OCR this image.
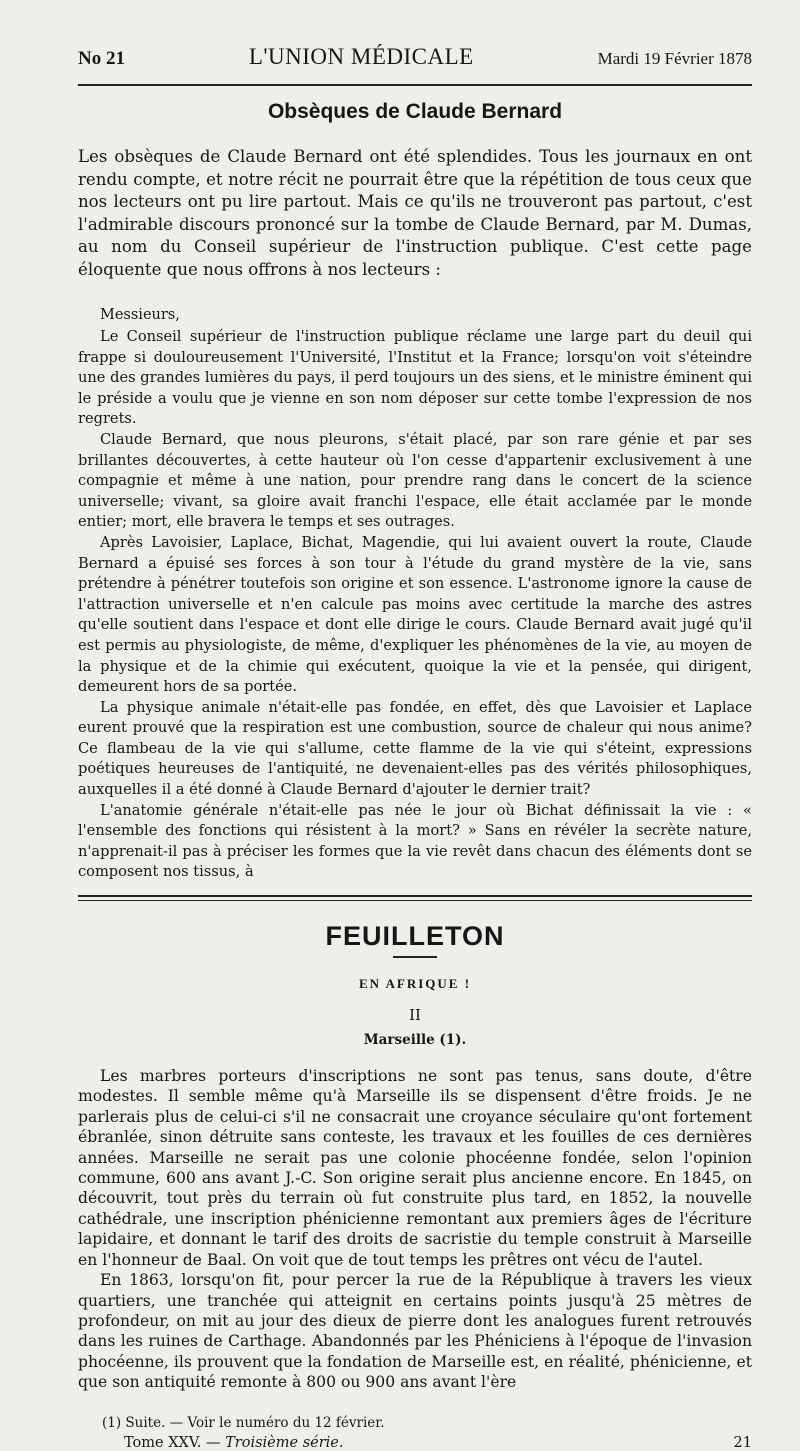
No 21	L'UNION MÉDICALE	Mardi 19 Février 1878
Obsèques de Claude Bernard

Les obsèques de Claude Bernard ont été splendides. Tous les journaux en ont rendu compte, et notre récit ne pourrait être que la répétition de tous ceux que nos lecteurs ont pu lire partout. Mais ce qu'ils ne trouveront pas partout, c'est l'admirable discours prononcé sur la tombe de Claude Bernard, par M. Dumas, au nom du Conseil supérieur de l'instruction publique. C'est cette page éloquente que nous offrons à nos lecteurs :

Messieurs,

Le Conseil supérieur de l'instruction publique réclame une large part du deuil qui frappe si douloureusement l'Université, l'Institut et la France; lorsqu'on voit s'éteindre une des grandes lumières du pays, il perd toujours un des siens, et le ministre éminent qui le préside a voulu que je vienne en son nom déposer sur cette tombe l'expression de nos regrets.

Claude Bernard, que nous pleurons, s'était placé, par son rare génie et par ses brillantes découvertes, à cette hauteur où l'on cesse d'appartenir exclusivement à une compagnie et même à une nation, pour prendre rang dans le concert de la science universelle; vivant, sa gloire avait franchi l'espace, elle était acclamée par le monde entier; mort, elle bravera le temps et ses outrages.

Après Lavoisier, Laplace, Bichat, Magendie, qui lui avaient ouvert la route, Claude Bernard a épuisé ses forces à son tour à l'étude du grand mystère de la vie, sans prétendre à pénétrer toutefois son origine et son essence. L'astronome ignore la cause de l'attraction universelle et n'en calcule pas moins avec certitude la marche des astres qu'elle soutient dans l'espace et dont elle dirige le cours. Claude Bernard avait jugé qu'il est permis au physiologiste, de même, d'expliquer les phénomènes de la vie, au moyen de la physique et de la chimie qui exécutent, quoique la vie et la pensée, qui dirigent, demeurent hors de sa portée.

La physique animale n'était-elle pas fondée, en effet, dès que Lavoisier et Laplace eurent prouvé que la respiration est une combustion, source de chaleur qui nous anime? Ce flambeau de la vie qui s'allume, cette flamme de la vie qui s'éteint, expressions poétiques heureuses de l'antiquité, ne devenaient-elles pas des vérités philosophiques, auxquelles il a été donné à Claude Bernard d'ajouter le dernier trait?

L'anatomie générale n'était-elle pas née le jour où Bichat définissait la vie : « l'ensemble des fonctions qui résistent à la mort? » Sans en révéler la secrète nature, n'apprenait-il pas à préciser les formes que la vie revêt dans chacun des éléments dont se composent nos tissus, à

FEUILLETON
EN AFRIQUE !
II
Marseille (1).

Les marbres porteurs d'inscriptions ne sont pas tenus, sans doute, d'être modestes. Il semble même qu'à Marseille ils se dispensent d'être froids. Je ne parlerais plus de celui-ci s'il ne consacrait une croyance séculaire qu'ont fortement ébranlée, sinon détruite sans conteste, les travaux et les fouilles de ces dernières années. Marseille ne serait pas une colonie phocéenne fondée, selon l'opinion commune, 600 ans avant J.-C. Son origine serait plus ancienne encore. En 1845, on découvrit, tout près du terrain où fut construite plus tard, en 1852, la nouvelle cathédrale, une inscription phénicienne remontant aux premiers âges de l'écriture lapidaire, et donnant le tarif des droits de sacristie du temple construit à Marseille en l'honneur de Baal. On voit que de tout temps les prêtres ont vécu de l'autel.

En 1863, lorsqu'on fit, pour percer la rue de la République à travers les vieux quartiers, une tranchée qui atteignit en certains points jusqu'à 25 mètres de profondeur, on mit au jour des dieux de pierre dont les analogues furent retrouvés dans les ruines de Carthage. Abandonnés par les Phéniciens à l'époque de l'invasion phocéenne, ils prouvent que la fondation de Marseille est, en réalité, phénicienne, et que son antiquité remonte à 800 ou 900 ans avant l'ère

(1) Suite. — Voir le numéro du 12 février.
Tome XXV. — Troisième série.	21
